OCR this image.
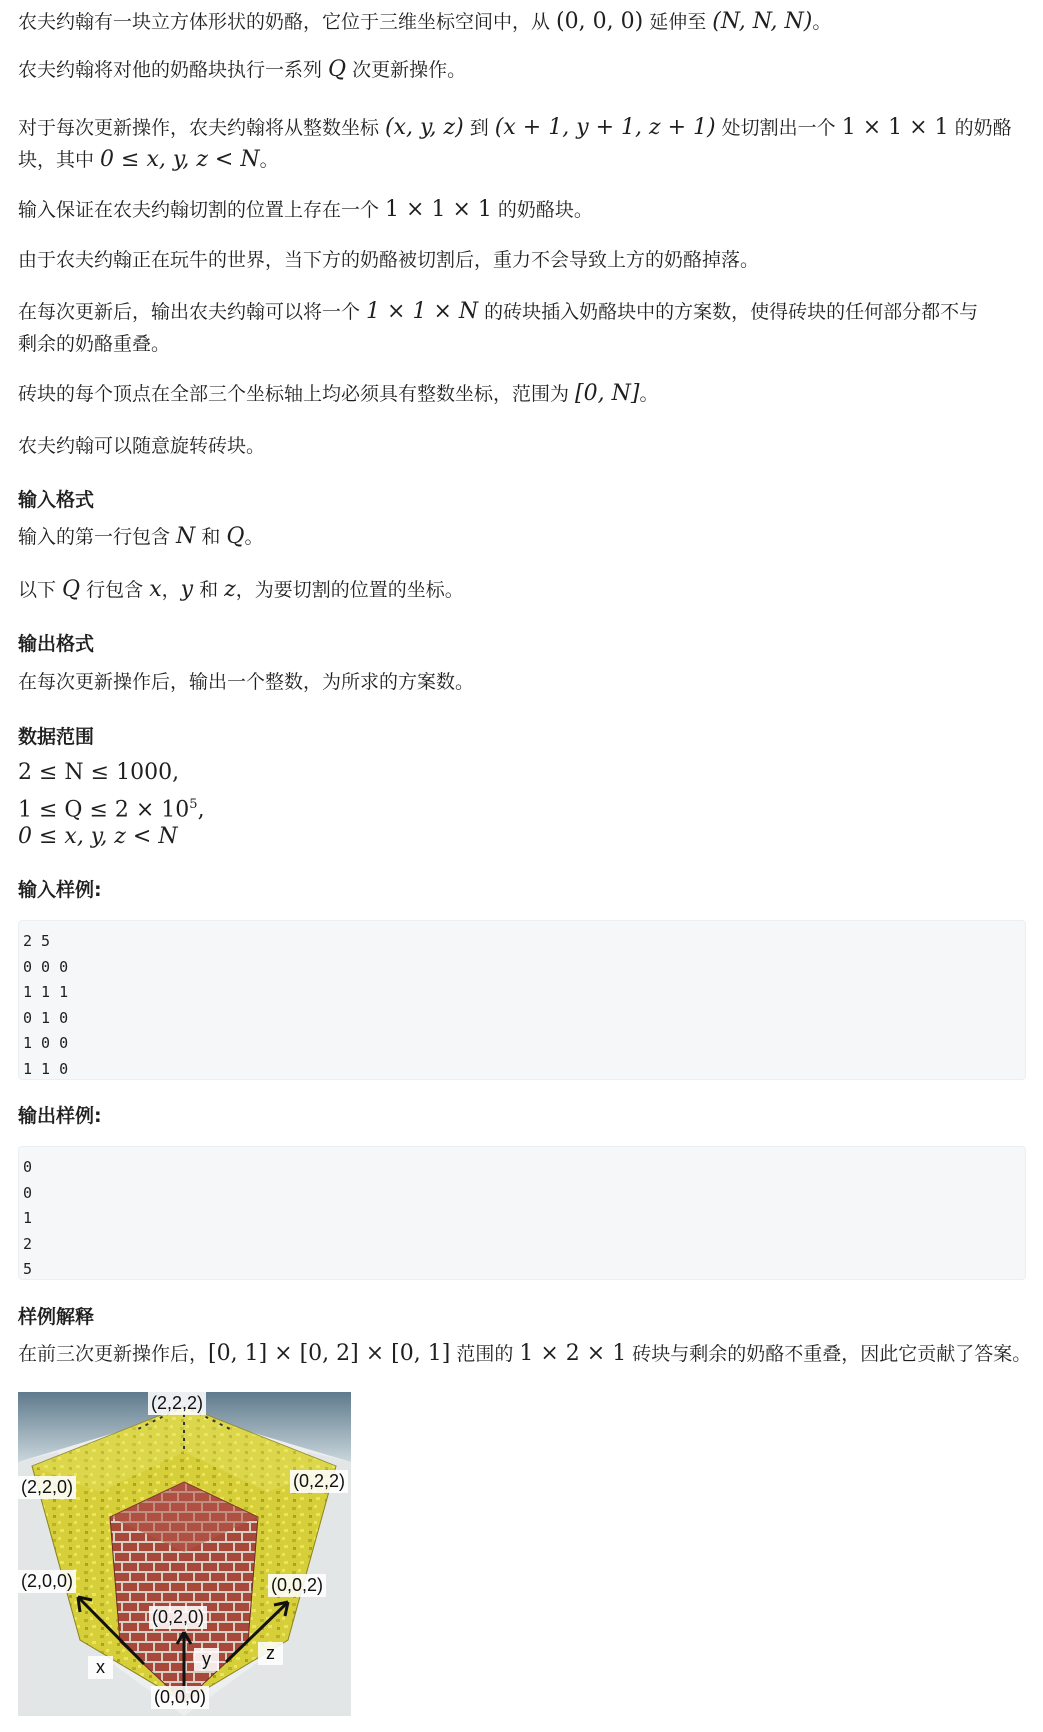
农夫约翰有一块立方体形状的奶酪，它位于三维坐标空间中，从 (0, 0, 0) 延伸至 (N, N, N)。
农夫约翰将对他的奶酪块执行一系列 Q 次更新操作。
对于每次更新操作，农夫约翰将从整数坐标 (x, y, z) 到 (x + 1, y + 1, z + 1) 处切割出一个 1 × 1 × 1 的奶酪
块，其中 0 ≤ x, y, z < N。
输入保证在农夫约翰切割的位置上存在一个 1 × 1 × 1 的奶酪块。
由于农夫约翰正在玩牛的世界，当下方的奶酪被切割后，重力不会导致上方的奶酪掉落。
在每次更新后，输出农夫约翰可以将一个 1 × 1 × N 的砖块插入奶酪块中的方案数，使得砖块的任何部分都不与
剩余的奶酪重叠。
砖块的每个顶点在全部三个坐标轴上均必须具有整数坐标，范围为 [0, N]。
农夫约翰可以随意旋转砖块。
输入格式
输入的第一行包含 N 和 Q。
以下 Q 行包含 x，y 和 z，为要切割的位置的坐标。
输出格式
在每次更新操作后，输出一个整数，为所求的方案数。
数据范围
2 ≤ N ≤ 1000,
$1 \le Q \le 2 \times 10^5$,
0 ≤ x, y, z < N
输入样例:
2 5
0 0 0
1 1 1
0 1 0
1 0 0
1 1 0
输出样例:
0
0
1
2
5
样例解释
在前三次更新操作后，[0, 1] × [0, 2] × [0, 1] 范围的 1 × 2 × 1 砖块与剩余的奶酪不重叠，因此它贡献了答案。
(2,2,2)
(2,2,0)	(0,2,2)
(2,0,0)	(0,0,2)
(0,2,0)
(0,0,0)
x	y	z
